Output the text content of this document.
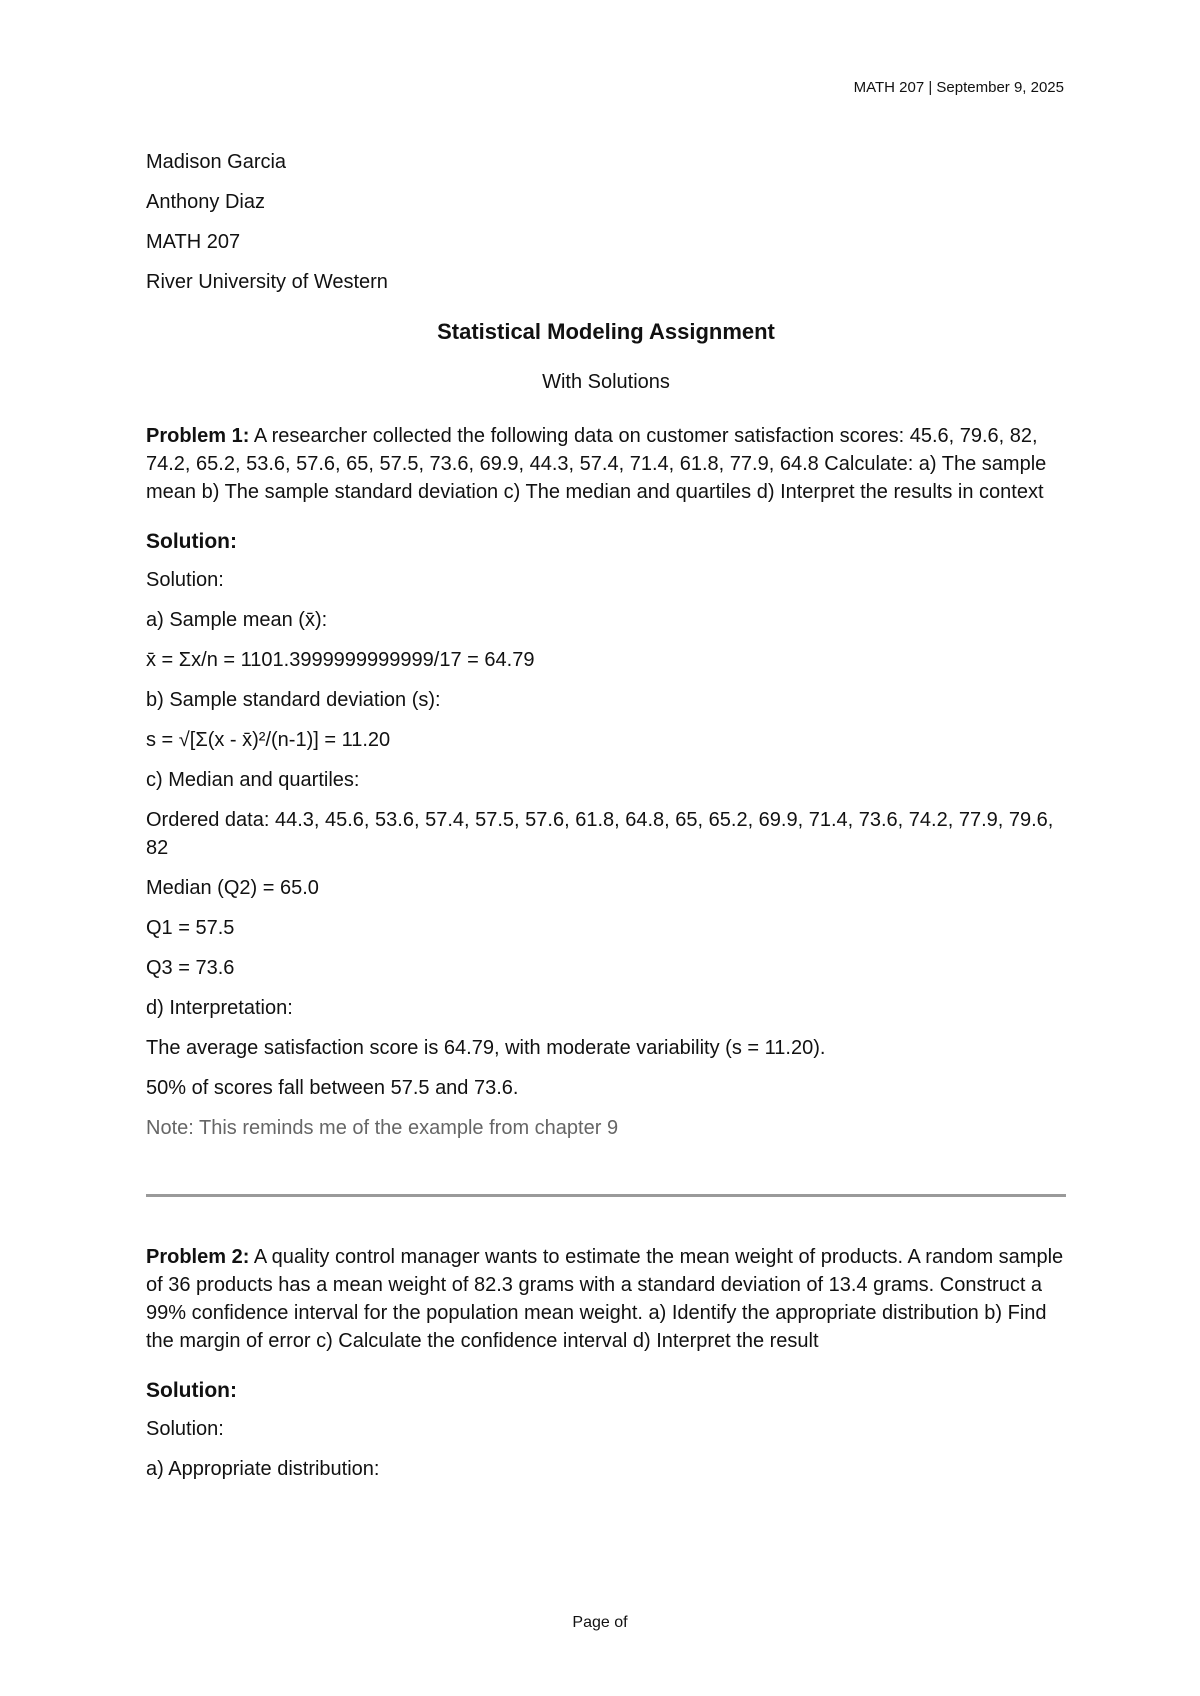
MATH 207 | September 9, 2025
Madison Garcia
Anthony Diaz
MATH 207
River University of Western
Statistical Modeling Assignment
With Solutions
Problem 1: A researcher collected the following data on customer satisfaction scores: 45.6, 79.6, 82, 74.2, 65.2, 53.6, 57.6, 65, 57.5, 73.6, 69.9, 44.3, 57.4, 71.4, 61.8, 77.9, 64.8 Calculate: a) The sample mean b) The sample standard deviation c) The median and quartiles d) Interpret the results in context
Solution:
Solution:
a) Sample mean (x̄):
x̄ = Σx/n = 1101.3999999999999/17 = 64.79
b) Sample standard deviation (s):
s = √[Σ(x - x̄)²/(n-1)] = 11.20
c) Median and quartiles:
Ordered data: 44.3, 45.6, 53.6, 57.4, 57.5, 57.6, 61.8, 64.8, 65, 65.2, 69.9, 71.4, 73.6, 74.2, 77.9, 79.6, 82
Median (Q2) = 65.0
Q1 = 57.5
Q3 = 73.6
d) Interpretation:
The average satisfaction score is 64.79, with moderate variability (s = 11.20).
50% of scores fall between 57.5 and 73.6.
Note: This reminds me of the example from chapter 9
Problem 2: A quality control manager wants to estimate the mean weight of products. A random sample of 36 products has a mean weight of 82.3 grams with a standard deviation of 13.4 grams. Construct a 99% confidence interval for the population mean weight. a) Identify the appropriate distribution b) Find the margin of error c) Calculate the confidence interval d) Interpret the result
Solution:
Solution:
a) Appropriate distribution:
Page of
